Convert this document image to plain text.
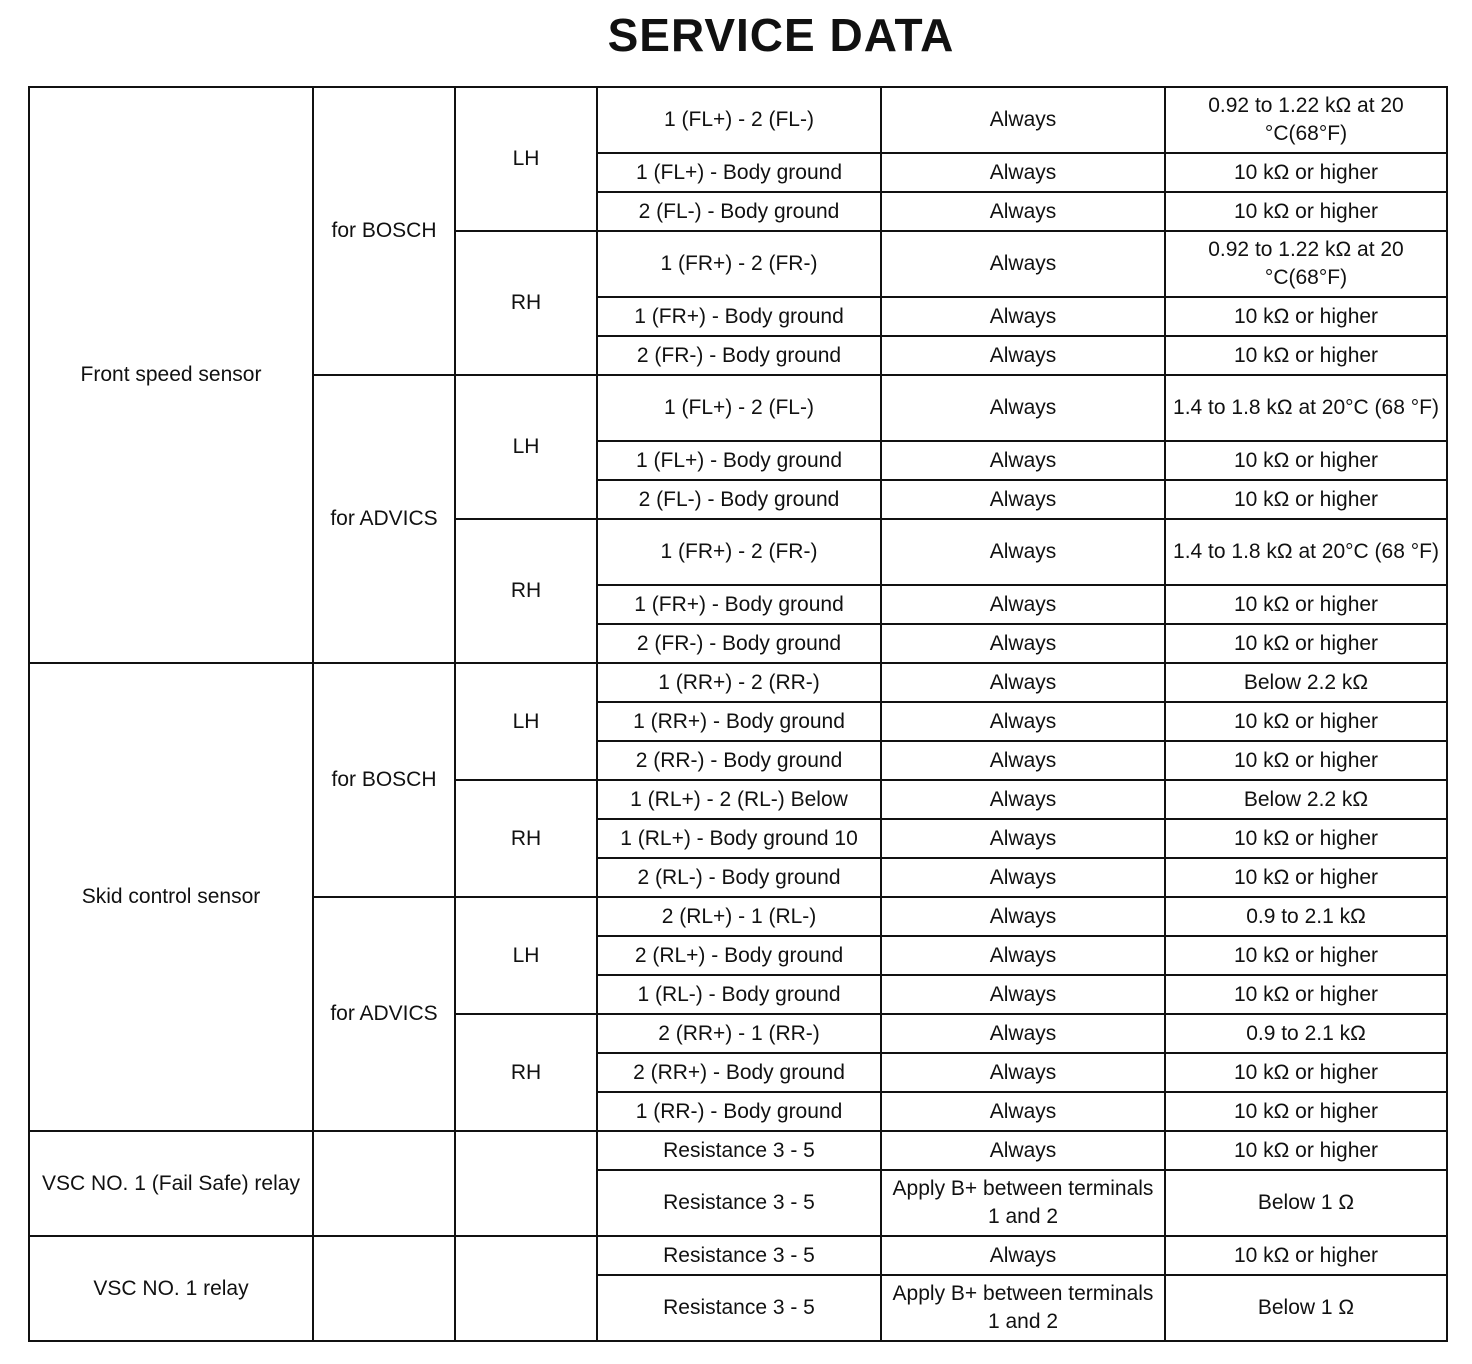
SERVICE DATA
Front speed sensor	for BOSCH	LH	1 (FL+) - 2 (FL-)	Always	0.92 to 1.22 kΩ at 20 °C(68°F)
			1 (FL+) - Body ground	Always	10 kΩ or higher
			2 (FL-) - Body ground	Always	10 kΩ or higher
		RH	1 (FR+) - 2 (FR-)	Always	0.92 to 1.22 kΩ at 20 °C(68°F)
			1 (FR+) - Body ground	Always	10 kΩ or higher
			2 (FR-) - Body ground	Always	10 kΩ or higher
	for ADVICS	LH	1 (FL+) - 2 (FL-)	Always	1.4 to 1.8 kΩ at 20°C (68 °F)
			1 (FL+) - Body ground	Always	10 kΩ or higher
			2 (FL-) - Body ground	Always	10 kΩ or higher
		RH	1 (FR+) - 2 (FR-)	Always	1.4 to 1.8 kΩ at 20°C (68 °F)
			1 (FR+) - Body ground	Always	10 kΩ or higher
			2 (FR-) - Body ground	Always	10 kΩ or higher
Skid control sensor	for BOSCH	LH	1 (RR+) - 2 (RR-)	Always	Below 2.2 kΩ
			1 (RR+) - Body ground	Always	10 kΩ or higher
			2 (RR-) - Body ground	Always	10 kΩ or higher
		RH	1 (RL+) - 2 (RL-) Below	Always	Below 2.2 kΩ
			1 (RL+) - Body ground 10	Always	10 kΩ or higher
			2 (RL-) - Body ground	Always	10 kΩ or higher
	for ADVICS	LH	2 (RL+) - 1 (RL-)	Always	0.9 to 2.1 kΩ
			2 (RL+) - Body ground	Always	10 kΩ or higher
			1 (RL-) - Body ground	Always	10 kΩ or higher
		RH	2 (RR+) - 1 (RR-)	Always	0.9 to 2.1 kΩ
			2 (RR+) - Body ground	Always	10 kΩ or higher
			1 (RR-) - Body ground	Always	10 kΩ or higher
VSC NO. 1 (Fail Safe) relay			Resistance 3 - 5	Always	10 kΩ or higher
			Resistance 3 - 5	Apply B+ between terminals 1 and 2	Below 1 Ω
VSC NO. 1 relay			Resistance 3 - 5	Always	10 kΩ or higher
			Resistance 3 - 5	Apply B+ between terminals 1 and 2	Below 1 Ω
